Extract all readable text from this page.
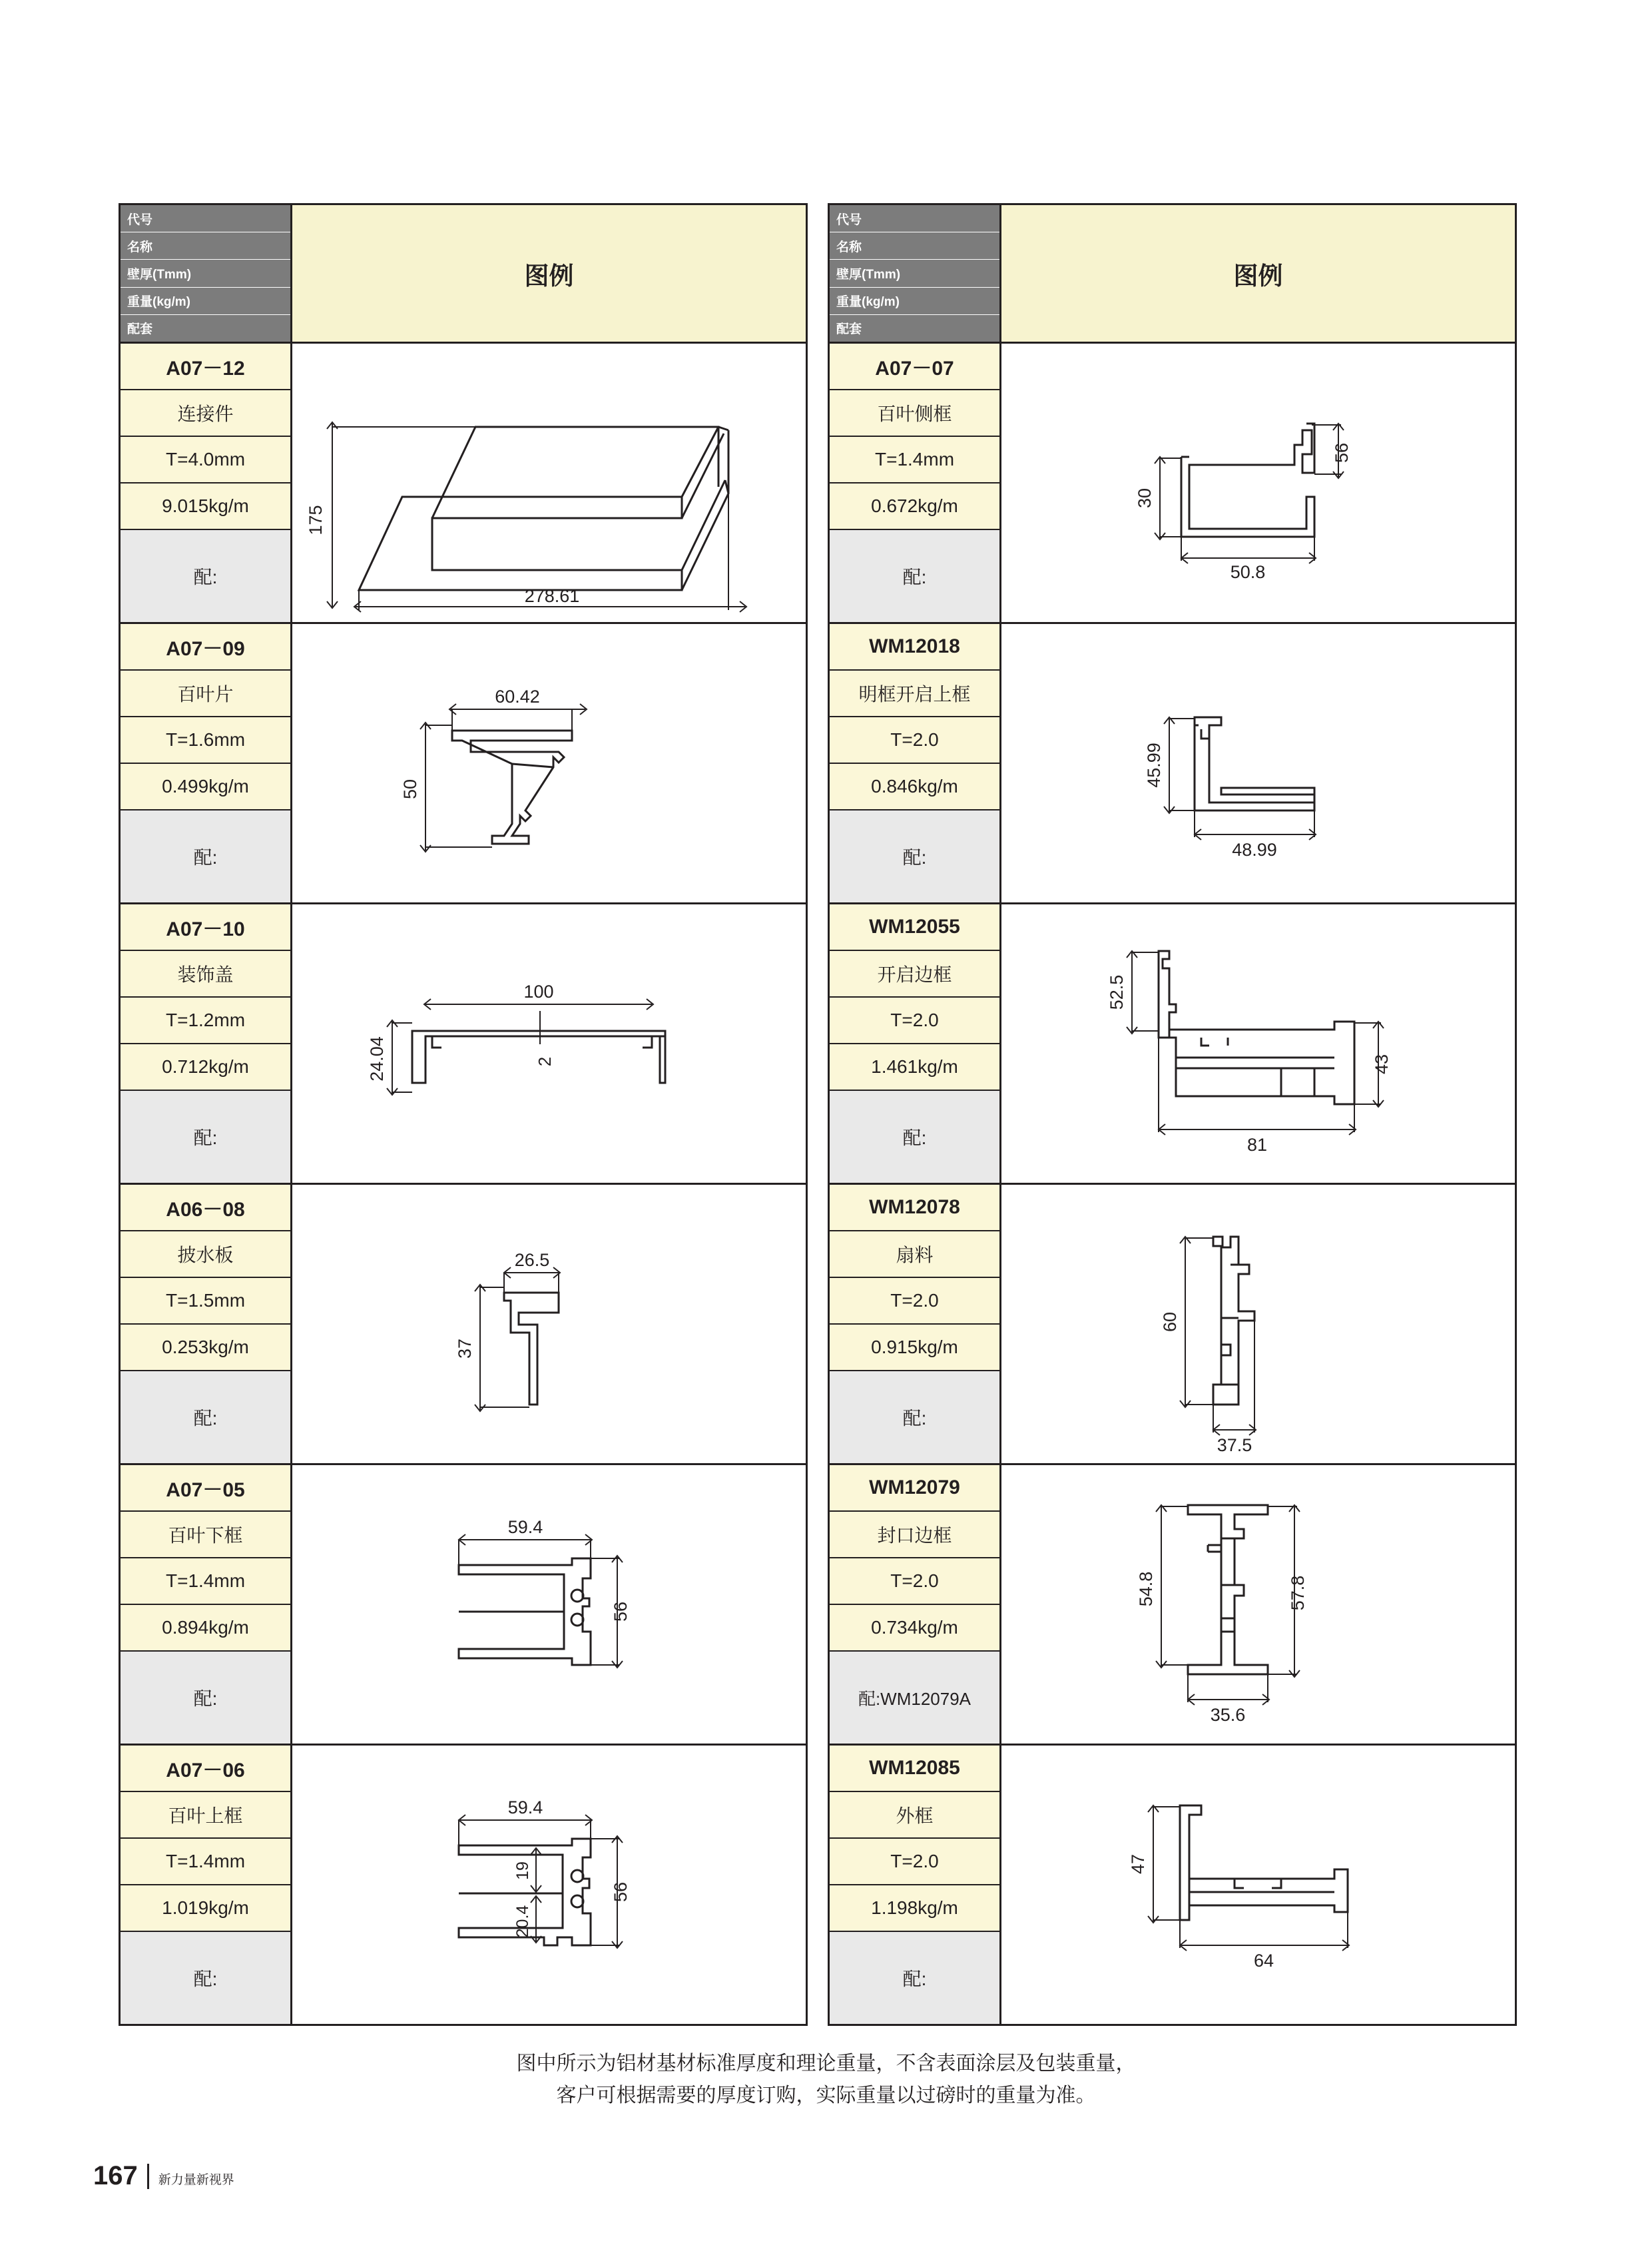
代号
名称
壁厚(Tmm)
重量(kg/m)
配套
图例
A07－12
连接件
T=4.0mm
9.015kg/m
配:
175
278.61
A07－09
百叶片
T=1.6mm
0.499kg/m
配:
60.42
50
A07－10
装饰盖
T=1.2mm
0.712kg/m
配:
100
24.04	2
A06－08
披水板
T=1.5mm
0.253kg/m
配:
26.5
37
A07－05
百叶下框
T=1.4mm
0.894kg/m
配:
59.4
56
A07－06
百叶上框
T=1.4mm
1.019kg/m
配:
59.4
56
19
20.4
代号
名称
壁厚(Tmm)
重量(kg/m)
配套
图例
A07－07
百叶侧框
T=1.4mm
0.672kg/m
配:
56
30
50.8
WM12018
明框开启上框
T=2.0
0.846kg/m
配:
45.99
48.99
WM12055
开启边框
T=2.0
1.461kg/m
配:
52.5
43
81
WM12078
扇料
T=2.0
0.915kg/m
配:
60
37.5
WM12079
封口边框
T=2.0
0.734kg/m
配:WM12079A
54.8	57.8
35.6
WM12085
外框
T=2.0
1.198kg/m
配:
47
64
图中所示为铝材基材标准厚度和理论重量，不含表面涂层及包装重量，
客户可根据需要的厚度订购，实际重量以过磅时的重量为准。
167 新力量新视界
